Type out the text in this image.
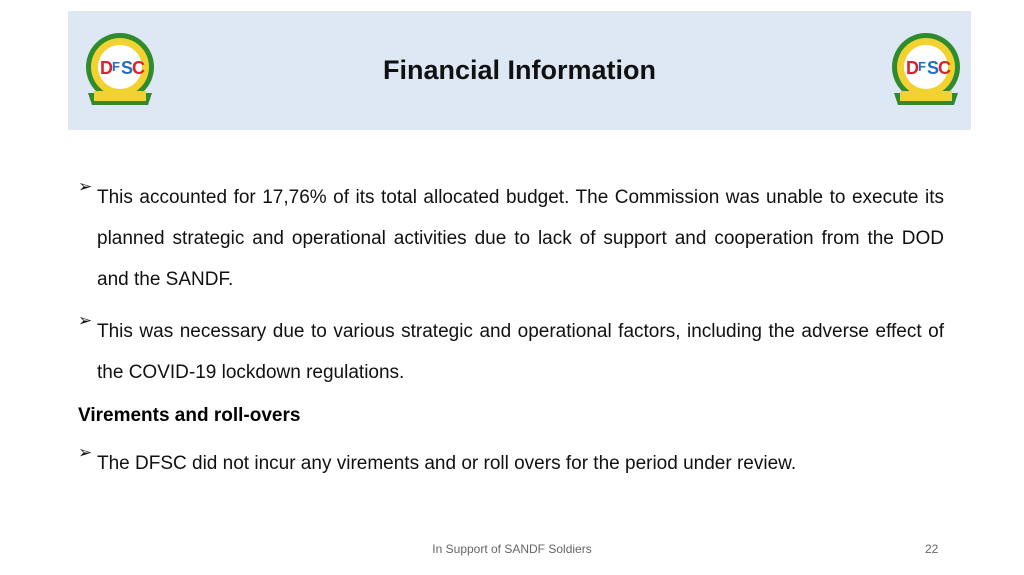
D F S
C	Financial Information	D F S
C
➢
This accounted for 17,76% of its total allocated budget. The Commission was unable to execute its planned strategic and operational activities due to lack of support and cooperation from the DOD and the SANDF.
➢
This was necessary due to various strategic and operational factors, including the adverse effect of the COVID-19 lockdown regulations.
Virements and roll-overs
➢
The DFSC did not incur any virements and or roll overs for the period under review.
In Support of SANDF Soldiers	22
